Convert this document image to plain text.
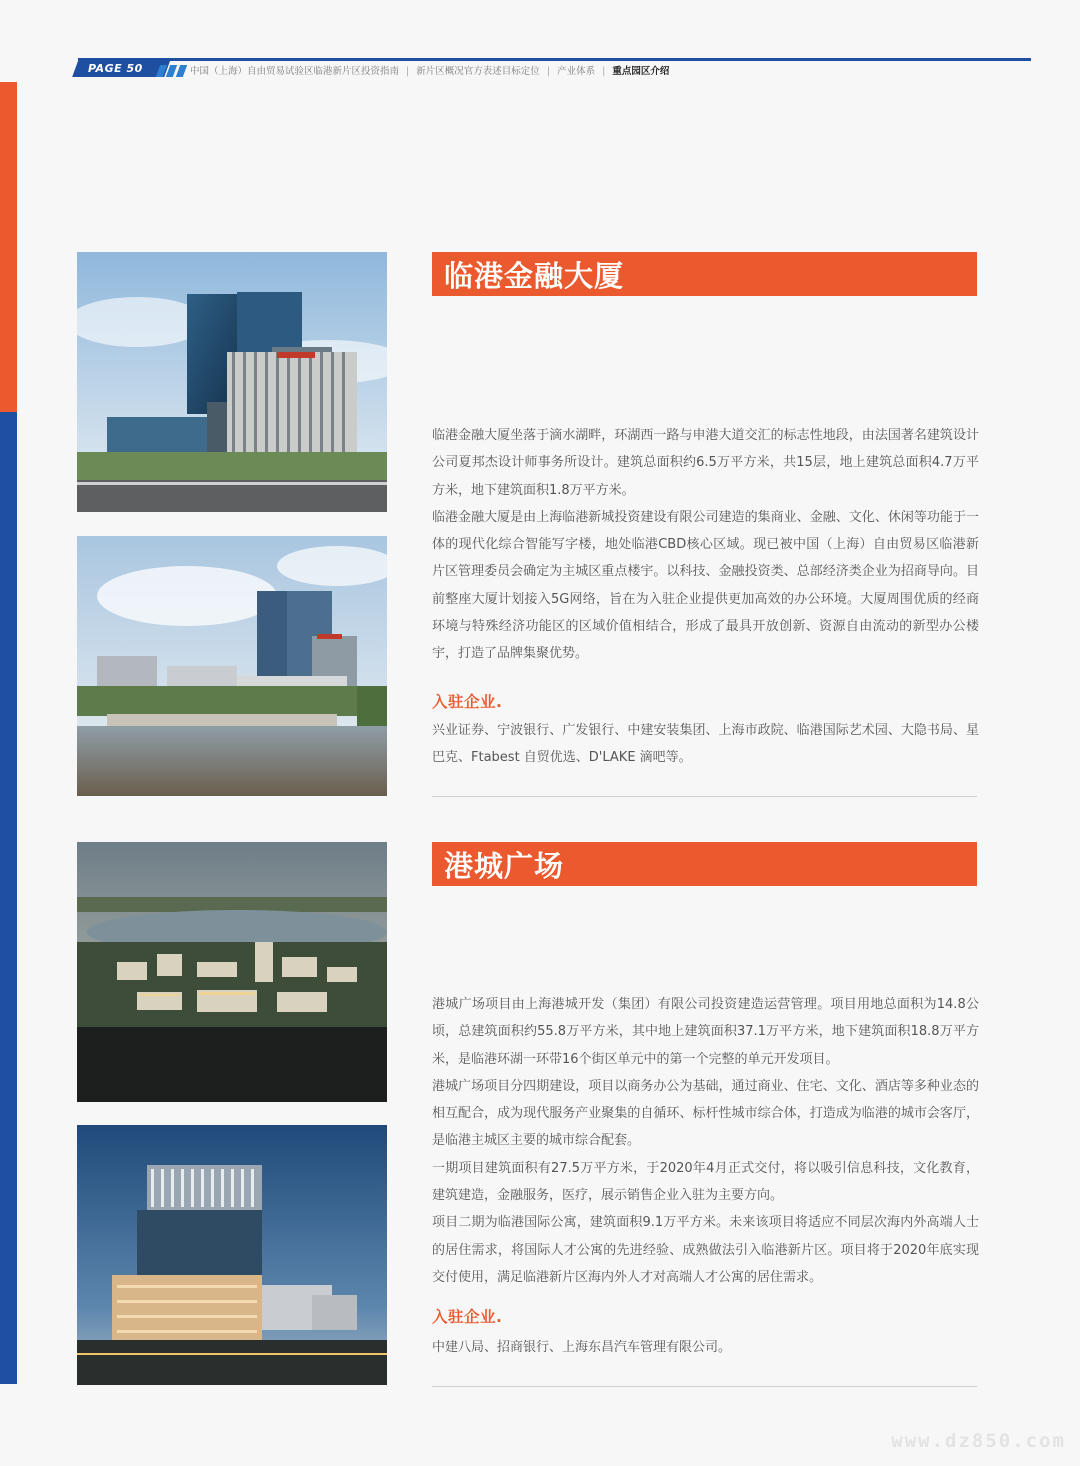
PAGE 50	中国（上海）自由贸易试验区临港新片区投资指南 | 新片区概况官方表述目标定位 | 产业体系 | 重点园区介绍
临港金融大厦

临港金融大厦坐落于滴水湖畔，环湖西一路与申港大道交汇的标志性地段，由法国著名建筑设计公司夏邦杰设计师事务所设计。建筑总面积约6.5万平方米，共15层，地上建筑总面积4.7万平方米，地下建筑面积1.8万平方米。

临港金融大厦是由上海临港新城投资建设有限公司建造的集商业、金融、文化、休闲等功能于一体的现代化综合智能写字楼，地处临港CBD核心区域。现已被中国（上海）自由贸易区临港新片区管理委员会确定为主城区重点楼宇。以科技、金融投资类、总部经济类企业为招商导向。目前整座大厦计划接入5G网络，旨在为入驻企业提供更加高效的办公环境。大厦周围优质的经商环境与特殊经济功能区的区域价值相结合，形成了最具开放创新、资源自由流动的新型办公楼宇，打造了品牌集聚优势。

入驻企业.
兴业证券、宁波银行、广发银行、中建安装集团、上海市政院、临港国际艺术园、大隐书局、星巴克、Ftabest 自贸优选、D'LAKE 滴吧等。
港城广场

港城广场项目由上海港城开发（集团）有限公司投资建造运营管理。项目用地总面积为14.8公顷，总建筑面积约55.8万平方米，其中地上建筑面积37.1万平方米，地下建筑面积18.8万平方米，是临港环湖一环带16个街区单元中的第一个完整的单元开发项目。

港城广场项目分四期建设，项目以商务办公为基础，通过商业、住宅、文化、酒店等多种业态的相互配合，成为现代服务产业聚集的自循环、标杆性城市综合体，打造成为临港的城市会客厅，是临港主城区主要的城市综合配套。

一期项目建筑面积有27.5万平方米，于2020年4月正式交付，将以吸引信息科技，文化教育，建筑建造，金融服务，医疗，展示销售企业入驻为主要方向。

项目二期为临港国际公寓，建筑面积9.1万平方米。未来该项目将适应不同层次海内外高端人士的居住需求，将国际人才公寓的先进经验、成熟做法引入临港新片区。项目将于2020年底实现交付使用，满足临港新片区海内外人才对高端人才公寓的居住需求。

入驻企业.
中建八局、招商银行、上海东昌汽车管理有限公司。
www.dz850.com
